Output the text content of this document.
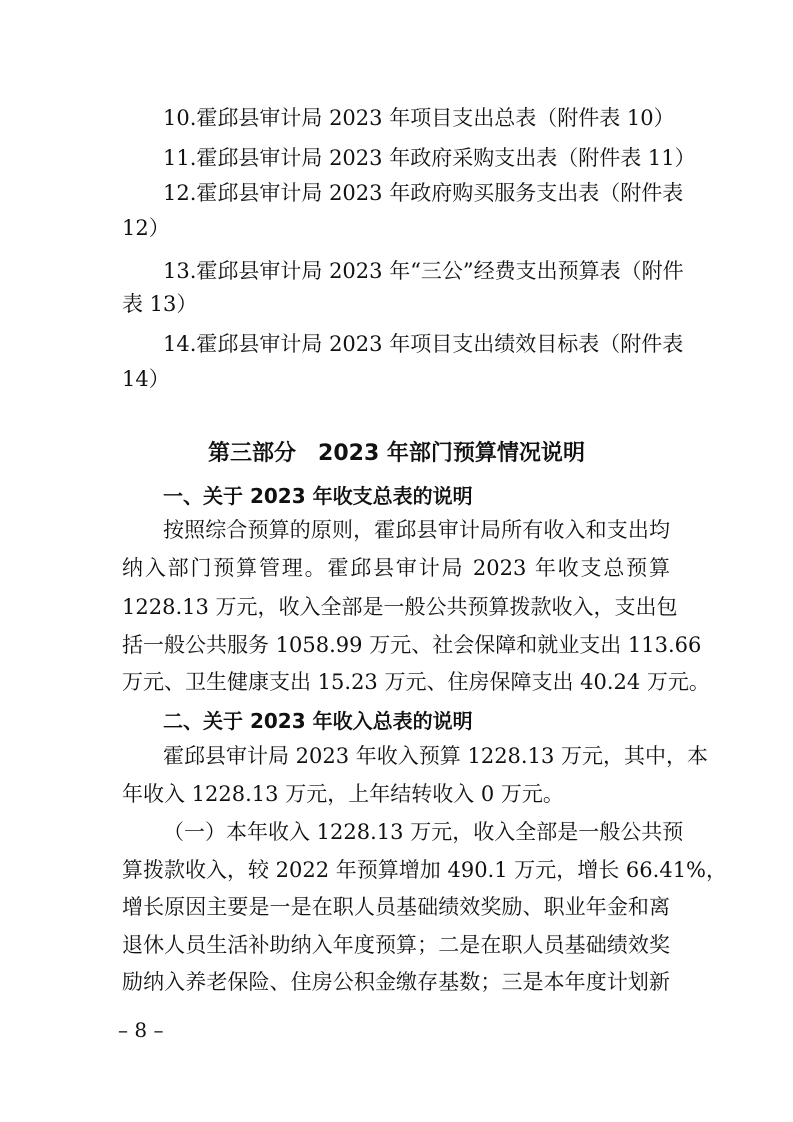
10.霍邱县审计局 2023 年项目支出总表（附件表 10）
11.霍邱县审计局 2023 年政府采购支出表（附件表 11）
12.霍邱县审计局 2023 年政府购买服务支出表（附件表
12）
13.霍邱县审计局 2023 年“三公”经费支出预算表（附件
表 13）
14.霍邱县审计局 2023 年项目支出绩效目标表（附件表
14）
第三部分　2023 年部门预算情况说明
一、关于 2023 年收支总表的说明
按照综合预算的原则，霍邱县审计局所有收入和支出均
纳入部门预算管理。霍邱县审计局 2023 年收支总预算
1228.13 万元，收入全部是一般公共预算拨款收入，支出包
括一般公共服务 1058.99 万元、社会保障和就业支出 113.66
万元、卫生健康支出 15.23 万元、住房保障支出 40.24 万元。
二、关于 2023 年收入总表的说明
霍邱县审计局 2023 年收入预算 1228.13 万元，其中，本
年收入 1228.13 万元，上年结转收入 0 万元。
（一）本年收入 1228.13 万元，收入全部是一般公共预
算拨款收入，较 2022 年预算增加 490.1 万元，增长 66.41%，
增长原因主要是一是在职人员基础绩效奖励、职业年金和离
退休人员生活补助纳入年度预算；二是在职人员基础绩效奖
励纳入养老保险、住房公积金缴存基数；三是本年度计划新
– 8 –
